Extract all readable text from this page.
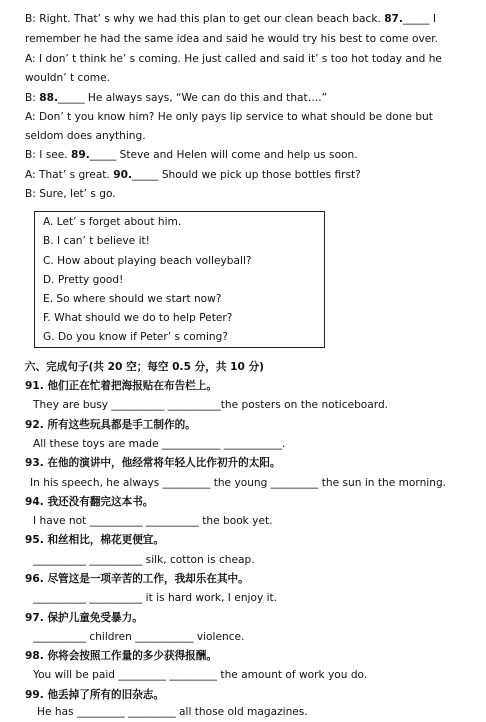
B: Right. That’ s why we had this plan to get our clean beach back. 87._____ I
remember he had the same idea and said he would try his best to come over.
A: I don’ t think he’ s coming. He just called and said it’ s too hot today and he
wouldn’ t come.
B: 88._____ He always says, “We can do this and that….”
A: Don’ t you know him? He only pays lip service to what should be done but
seldom does anything.
B: I see. 89._____ Steve and Helen will come and help us soon.
A: That’ s great. 90._____ Should we pick up those bottles first?
B: Sure, let’ s go.
A. Let’ s forget about him.
B. I can’ t believe it!
C. How about playing beach volleyball?
D. Pretty good!
E. So where should we start now?
F. What should we do to help Peter?
G. Do you know if Peter’ s coming?
六、完成句子(共 20 空；每空 0.5 分，共 10 分)
91. 他们正在忙着把海报贴在布告栏上。
They are busy __________ __________the posters on the noticeboard.
92. 所有这些玩具都是手工制作的。
All these toys are made ___________ ___________.
93. 在他的演讲中，他经常将年轻人比作初升的太阳。
In his speech, he always _________ the young _________ the sun in the morning.
94. 我还没有翻完这本书。
I have not __________ __________ the book yet.
95. 和丝相比，棉花更便宜。
__________ __________ silk, cotton is cheap.
96. 尽管这是一项辛苦的工作，我却乐在其中。
__________ __________ it is hard work, I enjoy it.
97. 保护儿童免受暴力。
__________ children ___________ violence.
98. 你将会按照工作量的多少获得报酬。
You will be paid _________ _________ the amount of work you do.
99. 他丢掉了所有的旧杂志。
He has _________ _________ all those old magazines.
